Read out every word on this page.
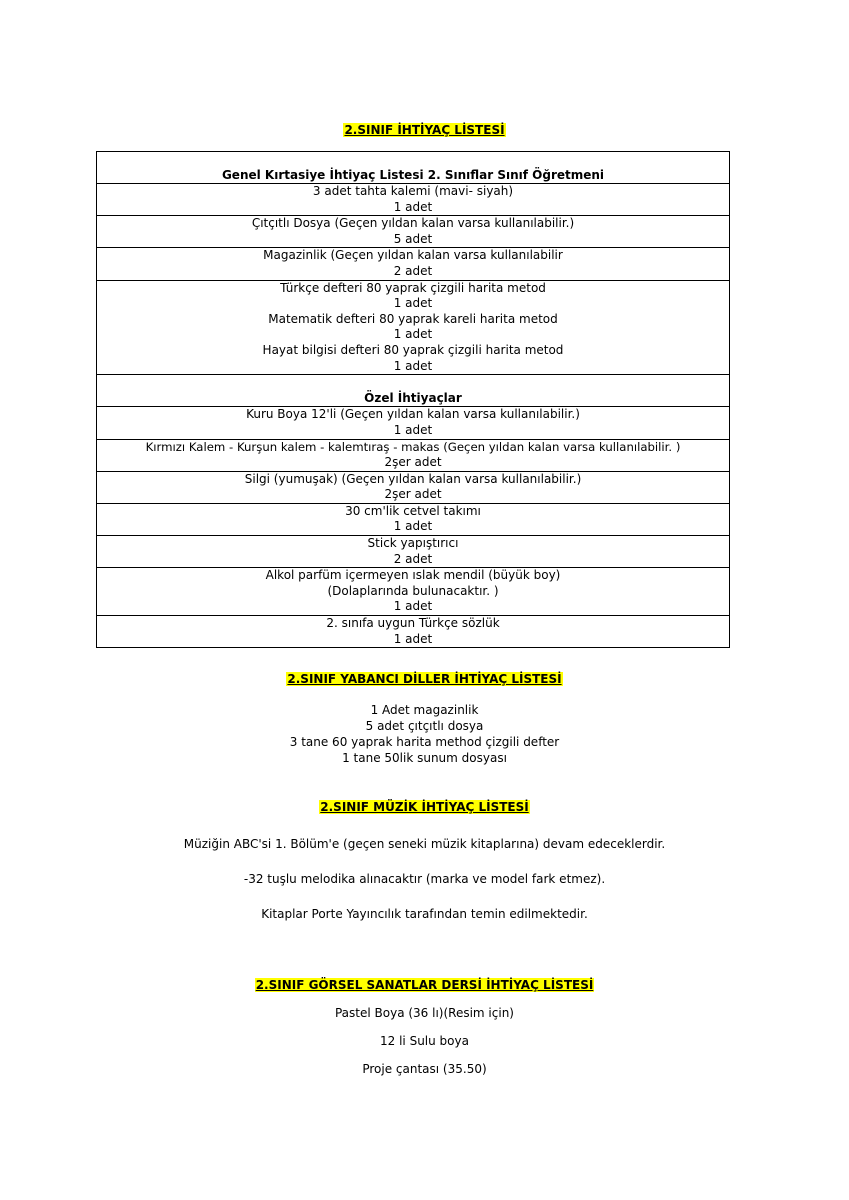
2.SINIF İHTİYAÇ LİSTESİ
Genel Kırtasiye İhtiyaç Listesi 2. Sınıflar Sınıf Öğretmeni

3 adet tahta kalemi (mavi- siyah)
1 adet

Çıtçıtlı Dosya (Geçen yıldan kalan varsa kullanılabilir.)
5 adet

Magazinlik (Geçen yıldan kalan varsa kullanılabilir
2 adet

Türkçe defteri 80 yaprak çizgili harita metod
1 adet
Matematik defteri 80 yaprak kareli harita metod
1 adet
Hayat bilgisi defteri 80 yaprak çizgili harita metod
1 adet

Özel İhtiyaçlar

Kuru Boya 12'li (Geçen yıldan kalan varsa kullanılabilir.)
1 adet

Kırmızı Kalem - Kurşun kalem - kalemtıraş - makas (Geçen yıldan kalan varsa kullanılabilir. )
2şer adet

Silgi (yumuşak) (Geçen yıldan kalan varsa kullanılabilir.)
2şer adet

30 cm'lik cetvel takımı
1 adet

Stick yapıştırıcı
2 adet

Alkol parfüm içermeyen ıslak mendil (büyük boy)
(Dolaplarında bulunacaktır. )
1 adet

2. sınıfa uygun Türkçe sözlük
1 adet
2.SINIF YABANCI DİLLER İHTİYAÇ LİSTESİ
1 Adet magazinlik
5 adet çıtçıtlı dosya
3 tane 60 yaprak harita method çizgili defter
1 tane 50lik sunum dosyası
2.SINIF MÜZİK İHTİYAÇ LİSTESİ
Müziğin ABC'si 1. Bölüm'e (geçen seneki müzik kitaplarına) devam edeceklerdir.
-32 tuşlu melodika alınacaktır (marka ve model fark etmez).
Kitaplar Porte Yayıncılık tarafından temin edilmektedir.
2.SINIF GÖRSEL SANATLAR DERSİ İHTİYAÇ LİSTESİ
Pastel Boya (36 lı)(Resim için)
12 li Sulu boya
Proje çantası (35.50)
